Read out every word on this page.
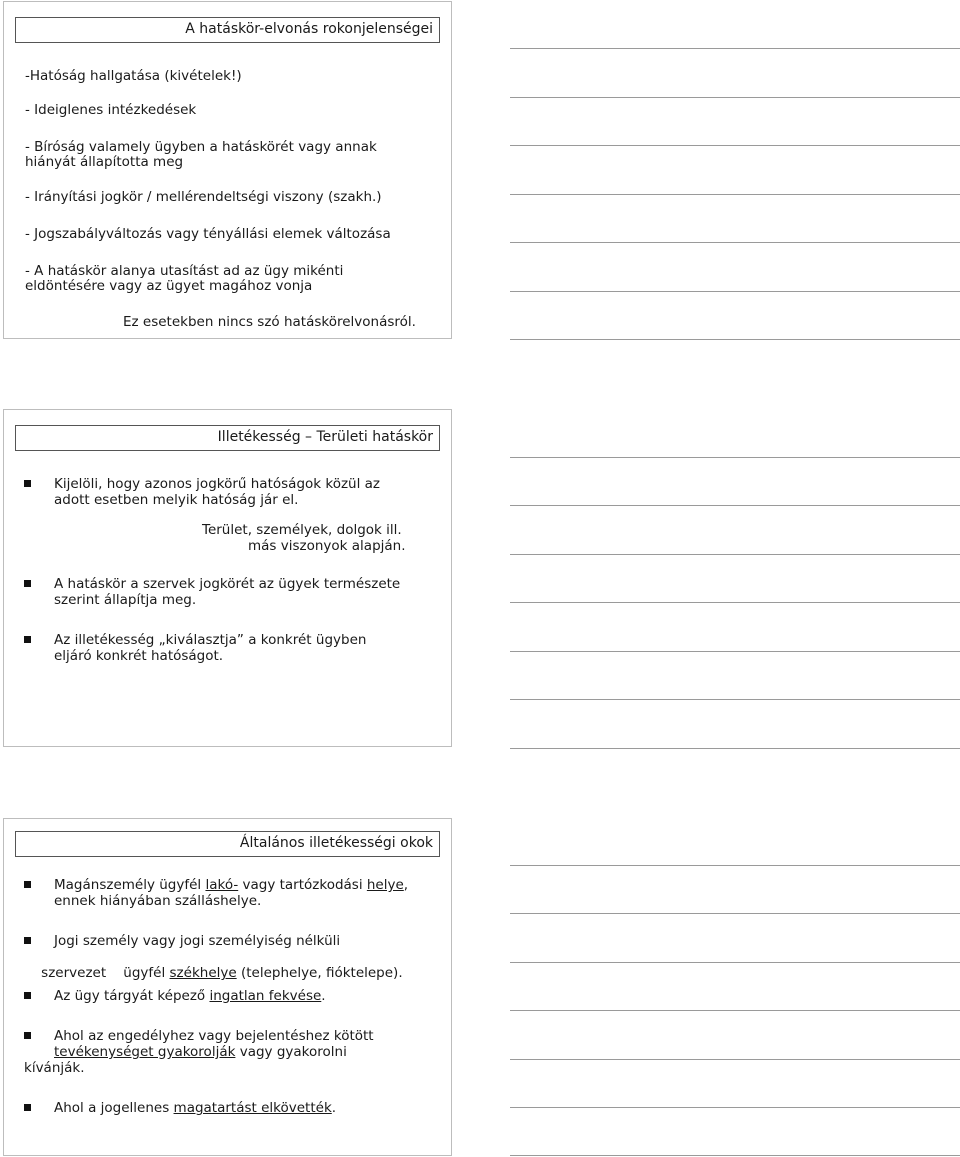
A hatáskör-elvonás rokonjelenségei
-Hatóság hallgatása (kivételek!)
- Ideiglenes intézkedések
- Bíróság valamely ügyben a hatáskörét vagy annak
hiányát állapította meg
- Irányítási jogkör / mellérendeltségi viszony (szakh.)
- Jogszabályváltozás vagy tényállási elemek változása
- A hatáskör alanya utasítást ad az ügy mikénti
eldöntésére vagy az ügyet magához vonja
Ez esetekben nincs szó hatáskörelvonásról.
Illetékesség – Területi hatáskör
Kijelöli, hogy azonos jogkörű hatóságok közül az
adott esetben melyik hatóság jár el.
Terület, személyek, dolgok ill.
más viszonyok alapján.
A hatáskör a szervek jogkörét az ügyek természete
szerint állapítja meg.
Az illetékesség „kiválasztja” a konkrét ügyben
eljáró konkrét hatóságot.
Általános illetékességi okok
Magánszemély ügyfél lakó- vagy tartózkodási helye,
ennek hiányában szálláshelye.
Jogi személy vagy jogi személyiség nélküli

szervezet    ügyfél székhelye (telephelye, fióktelepe).

Az ügy tárgyát képező ingatlan fekvése.
Ahol az engedélyhez vagy bejelentéshez kötött
tevékenységet gyakorolják vagy gyakorolni
kívánják.
Ahol a jogellenes magatartást elkövették.
